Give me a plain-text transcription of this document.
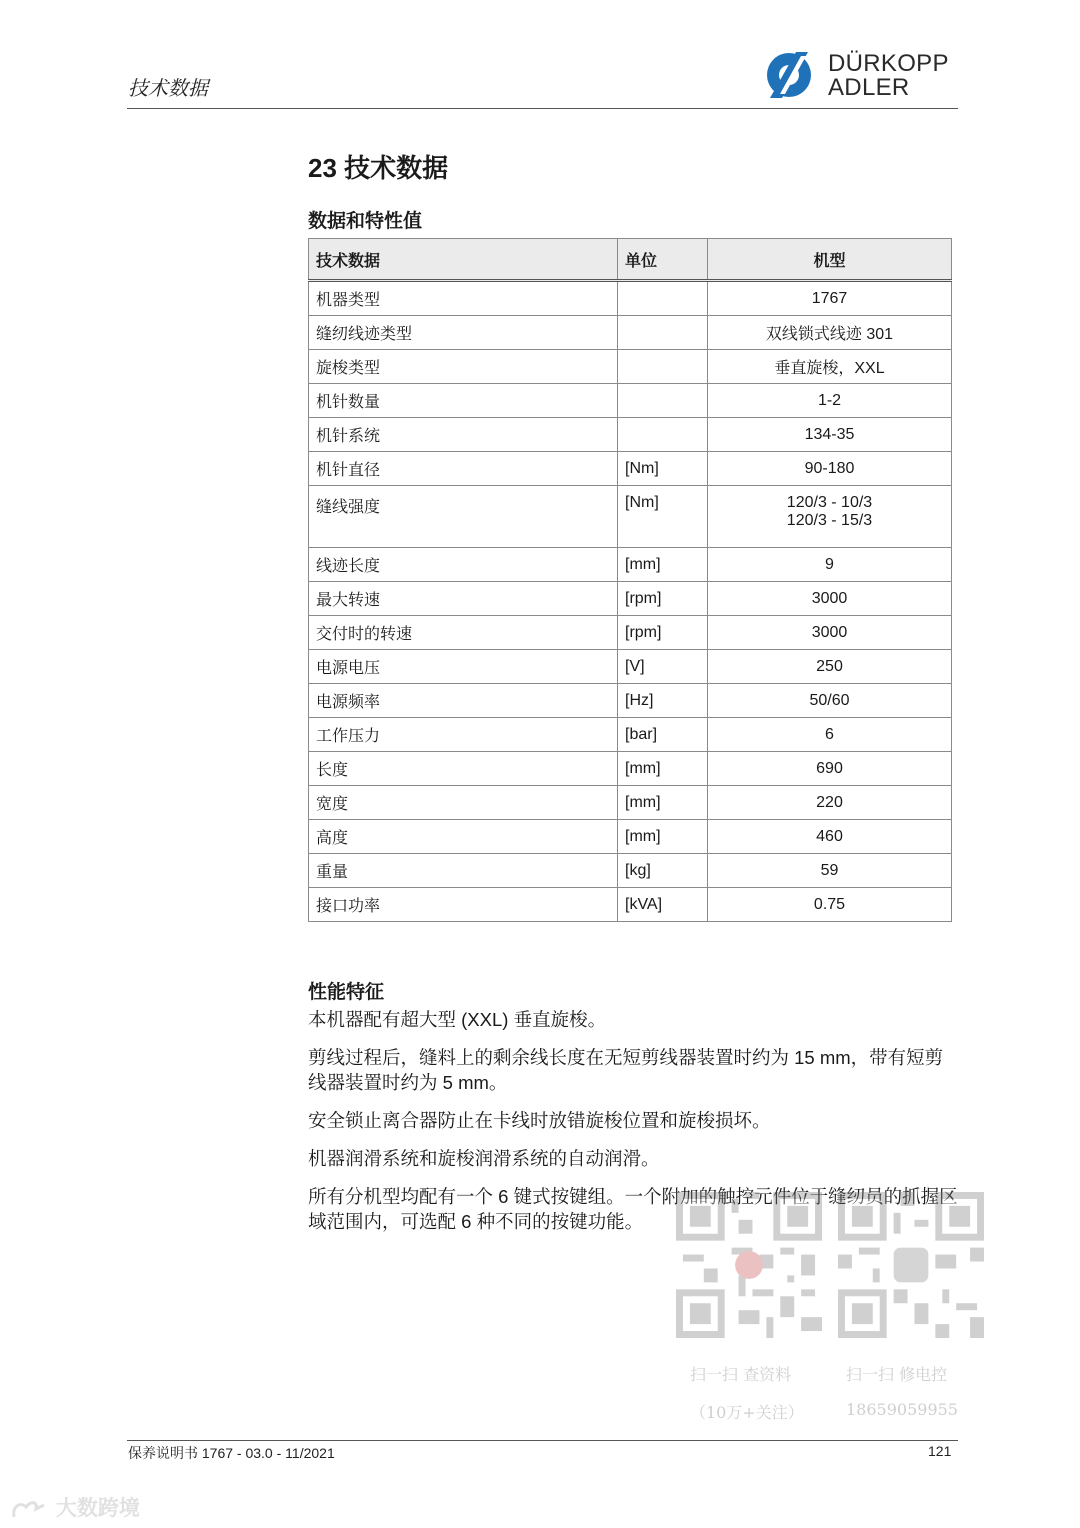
技术数据
DÜRKOPP
ADLER
23 技术数据
数据和特性值
技术数据	单位	机型
机器类型		1767
缝纫线迹类型		双线锁式线迹 301
旋梭类型		垂直旋梭，XXL
机针数量		1-2
机针系统		134-35
机针直径	[Nm]	90-180
缝线强度	[Nm]	120/3 - 10/3
120/3 - 15/3

线迹长度	[mm]	9
最大转速	[rpm]	3000
交付时的转速	[rpm]	3000
电源电压	[V]	250
电源频率	[Hz]	50/60
工作压力	[bar]	6
长度	[mm]	690
宽度	[mm]	220
高度	[mm]	460
重量	[kg]	59
接口功率	[kVA]	0.75
性能特征

本机器配有超大型 (XXL) 垂直旋梭。

剪线过程后，缝料上的剩余线长度在无短剪线器装置时约为 15 mm，带有短剪线器装置时约为 5 mm。

安全锁止离合器防止在卡线时放错旋梭位置和旋梭损坏。

机器润滑系统和旋梭润滑系统的自动润滑。

所有分机型均配有一个 6 键式按键组。一个附加的触控元件位于缝纫员的抓握区域范围内，可选配 6 种不同的按键功能。

扫一扫 查资料
（10万+关注）
扫一扫 修电控
18659059955
保养说明书 1767 - 03.0 - 11/2021	121
大数跨境
